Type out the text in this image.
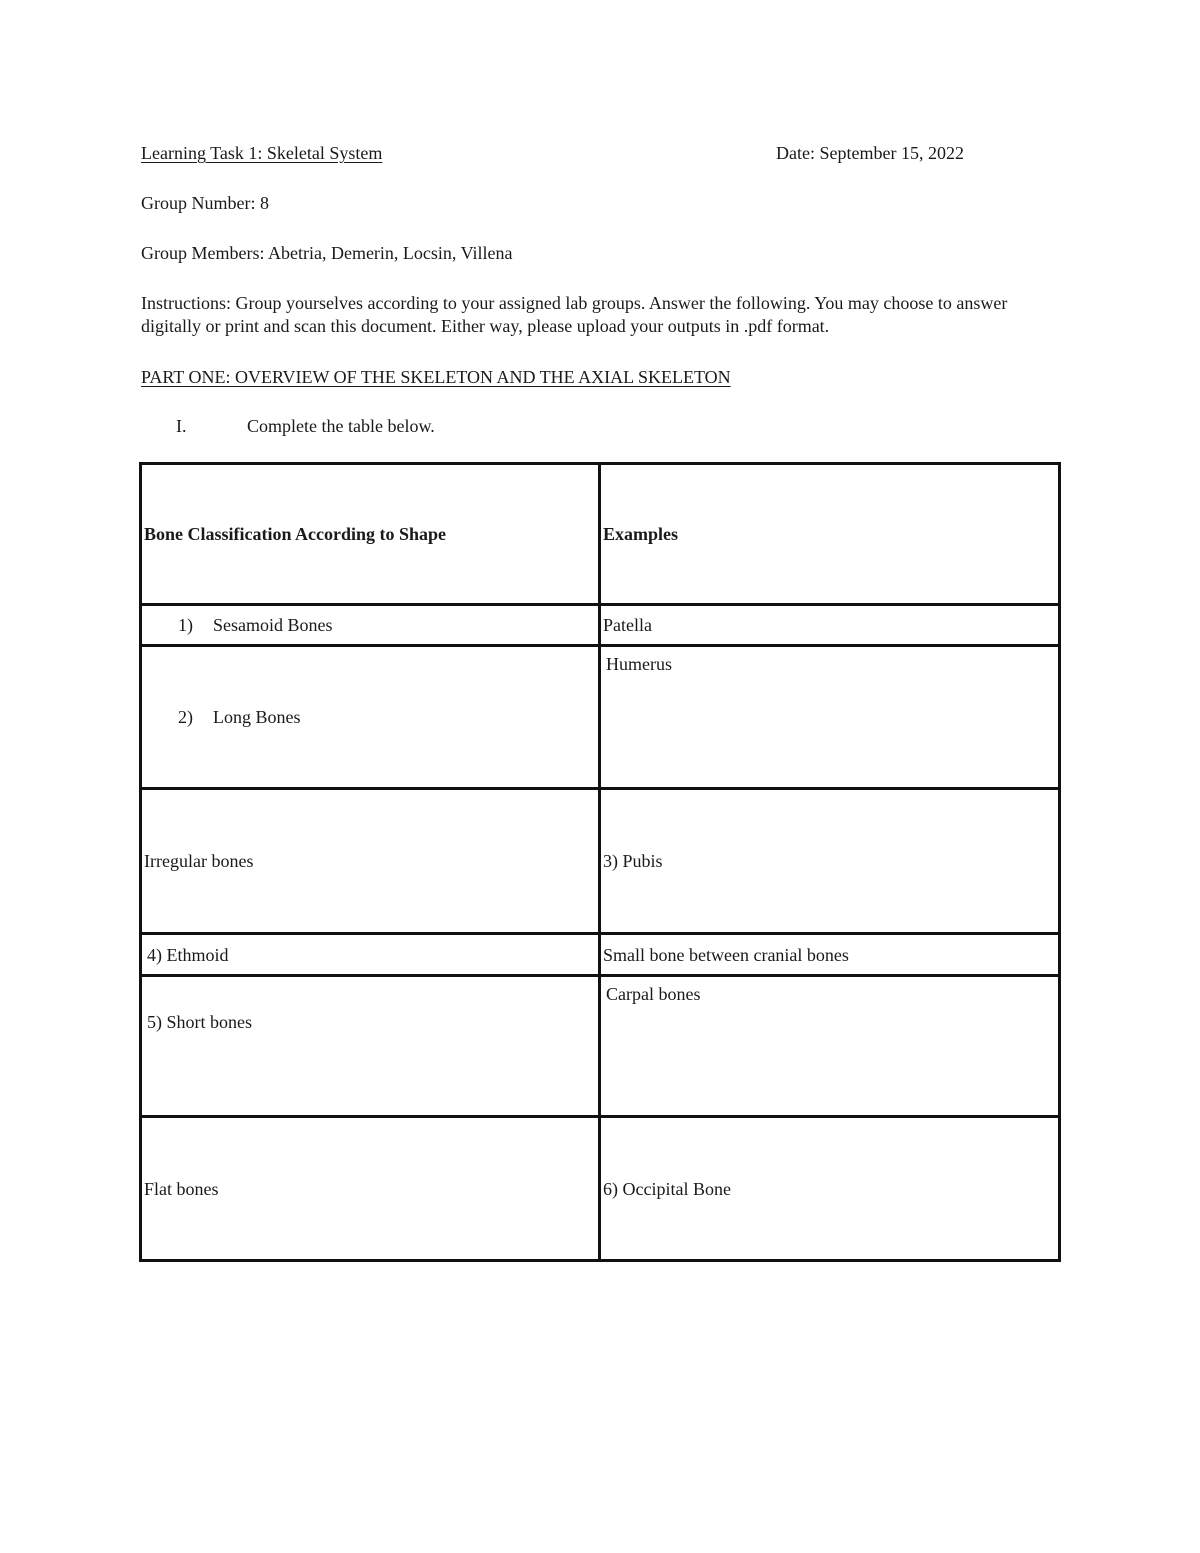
Learning Task 1: Skeletal System	Date: September 15, 2022
Group Number: 8
Group Members: Abetria, Demerin, Locsin, Villena
Instructions: Group yourselves according to your assigned lab groups. Answer the following. You may choose to answer digitally or print and scan this document. Either way, please upload your outputs in .pdf format.
PART ONE: OVERVIEW OF THE SKELETON AND THE AXIAL SKELETON
I.	Complete the table below.
Bone Classification According to Shape	Examples
1) Sesamoid Bones	Patella
2) Long Bones	Humerus
Irregular bones	3) Pubis
4) Ethmoid	Small bone between cranial bones
5) Short bones	Carpal bones
Flat bones	6) Occipital Bone
